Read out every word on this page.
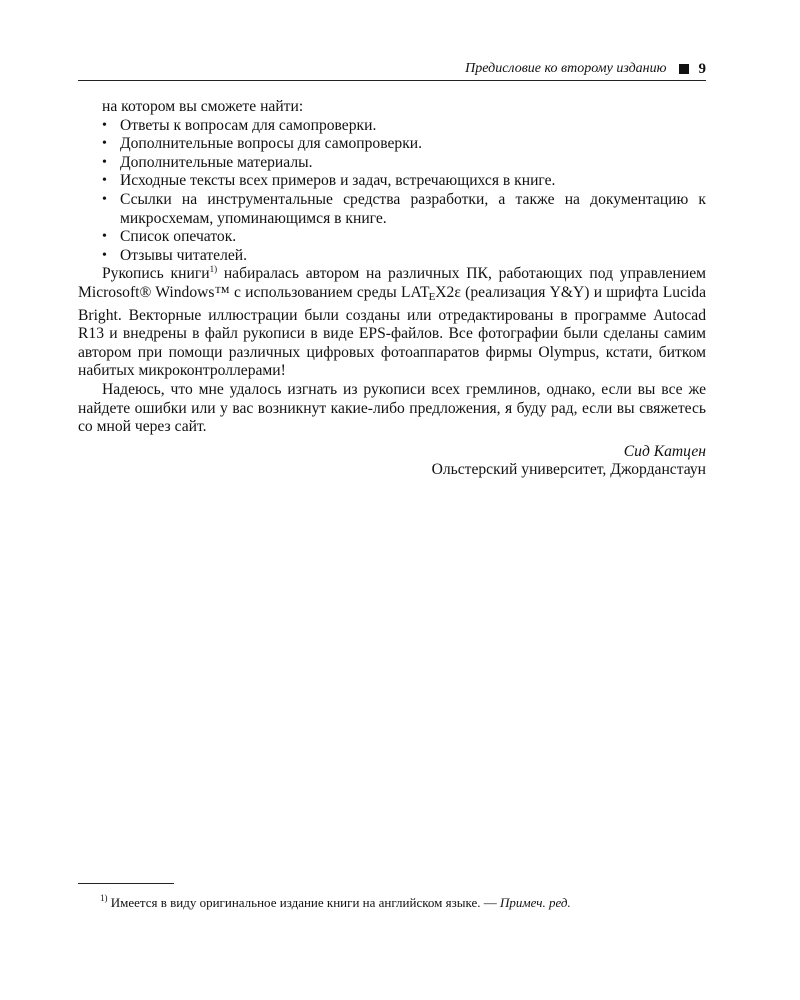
Предисловие ко второму изданию 9

на котором вы сможете найти:

• Ответы к вопросам для самопроверки.
• Дополнительные вопросы для самопроверки.
• Дополнительные материалы.
• Исходные тексты всех примеров и задач, встречающихся в книге.
• Ссылки на инструментальные средства разработки, а также на документацию к микросхемам, упоминающимся в книге.
• Список опечаток.
• Отзывы читателей.

Рукопись книги$^{1)}$ набиралась автором на различных ПК, работающих под управлением Microsoft® Windows™ с использованием среды LATEX2ε (реализация Y&Y) и шрифта Lucida Bright. Векторные иллюстрации были созданы или отредактированы в программе Autocad R13 и внедрены в файл рукописи в виде EPS-файлов. Все фотографии были сделаны самим автором при помощи различных цифровых фотоаппаратов фирмы Olympus, кстати, битком набитых микроконтроллерами!

Надеюсь, что мне удалось изгнать из рукописи всех гремлинов, однако, если вы все же найдете ошибки или у вас возникнут какие-либо предложения, я буду рад, если вы свяжетесь со мной через сайт.

Сид Катцен
Ольстерский университет, Джорданстаун
$^{1)}$ Имеется в виду оригинальное издание книги на английском языке. — Примеч. ред.
